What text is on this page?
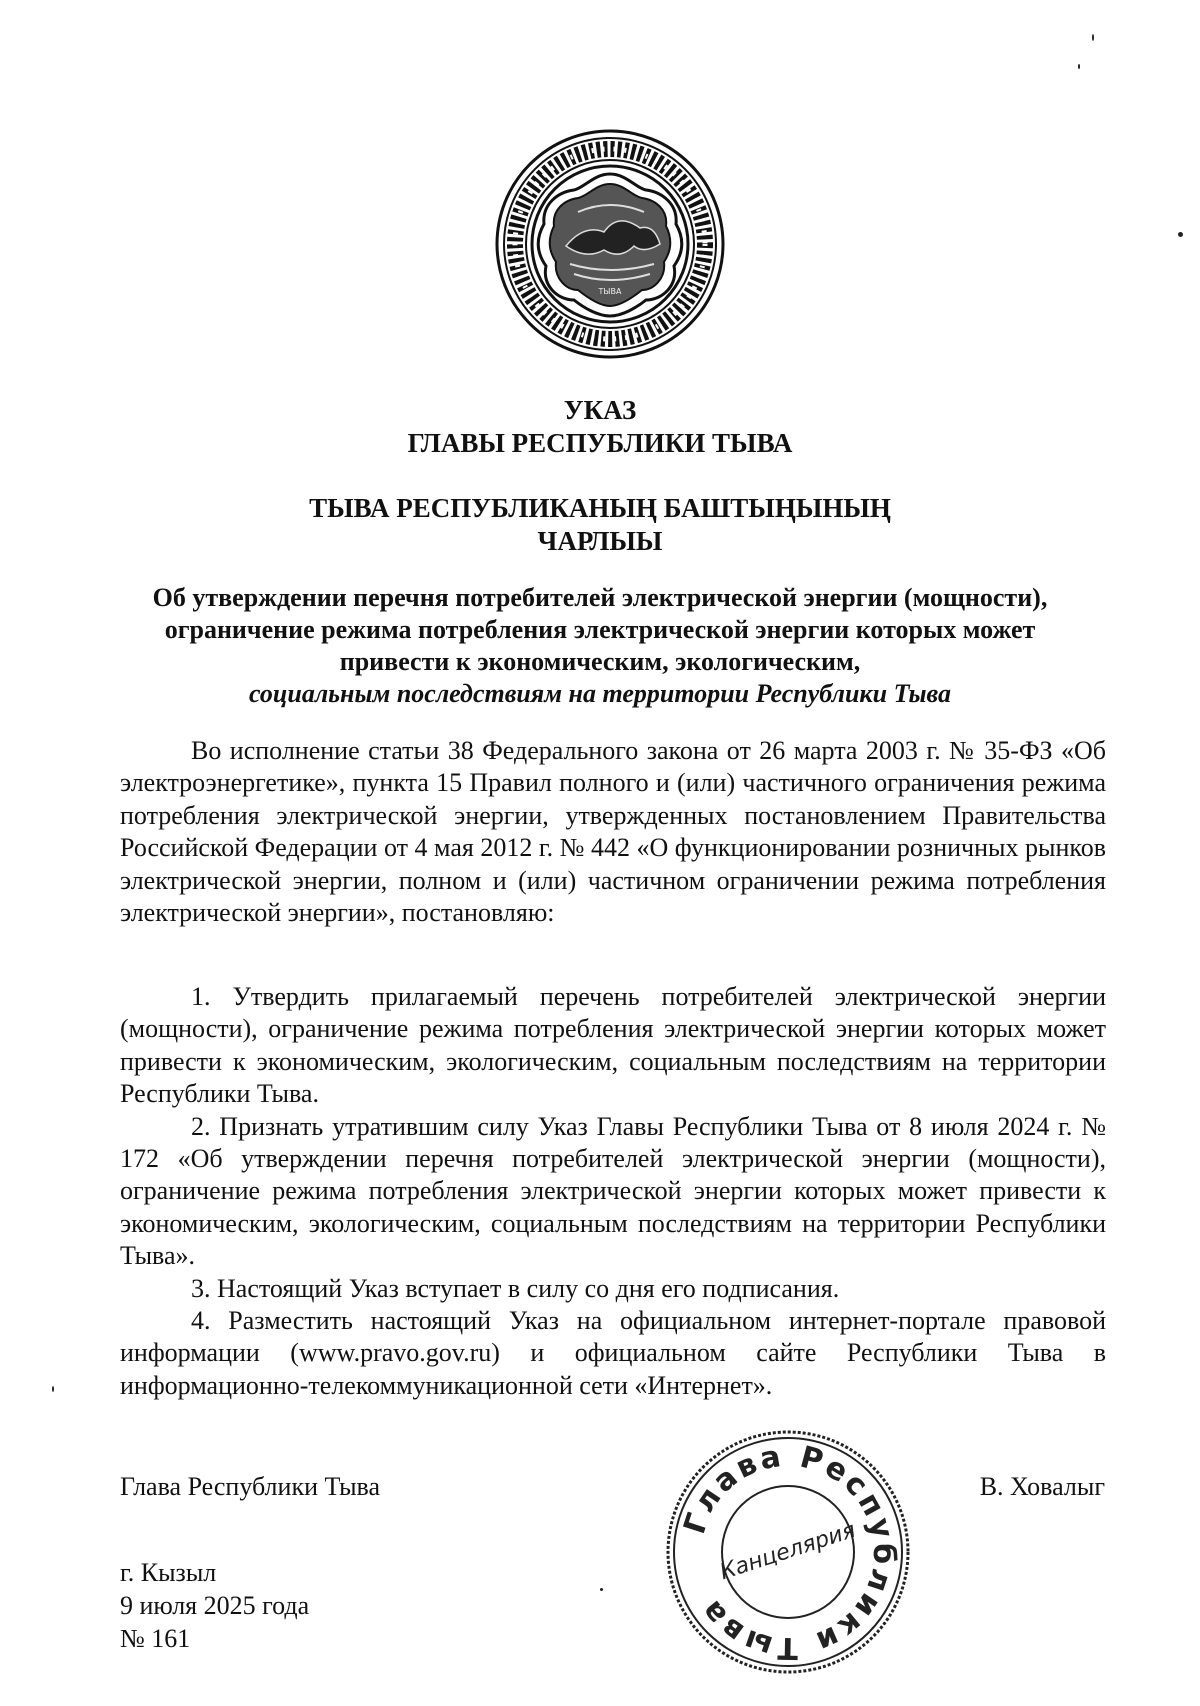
ТЫВА
УКАЗ
ГЛАВЫ РЕСПУБЛИКИ ТЫВА
ТЫВА РЕСПУБЛИКАНЫҢ БАШТЫҢЫНЫҢ
ЧАРЛЫЫ
Об утверждении перечня потребителей электрической энергии (мощности),
ограничение режима потребления электрической энергии которых может
привести к экономическим, экологическим,
социальным последствиям на территории Республики Тыва

Во исполнение статьи 38 Федерального закона от 26 марта 2003 г. № 35-ФЗ «Об электроэнергетике», пункта 15 Правил полного и (или) частичного ограничения режима потребления электрической энергии, утвержденных постановлением Правительства Российской Федерации от 4 мая 2012 г. № 442 «О функционировании розничных рынков электрической энергии, полном и (или) частичном ограничении режима потребления электрической энергии», постановляю:

1. Утвердить прилагаемый перечень потребителей электрической энергии (мощности), ограничение режима потребления электрической энергии которых может привести к экономическим, экологическим, социальным последствиям на территории Республики Тыва.

2. Признать утратившим силу Указ Главы Республики Тыва от 8 июля 2024 г. № 172 «Об утверждении перечня потребителей электрической энергии (мощности), ограничение режима потребления электрической энергии которых может привести к экономическим, экологическим, социальным последствиям на территории Республики Тыва».

3. Настоящий Указ вступает в силу со дня его подписания.

4. Разместить настоящий Указ на официальном интернет-портале правовой информации (www.pravo.gov.ru) и официальном сайте Республики Тыва в информационно-телекоммуникационной сети «Интернет».

Глава Республики Тыва	В. Ховалыг
г. Кызыл
9 июля 2025 года
№ 161
Глава Республики Тыва
Канцелярия
